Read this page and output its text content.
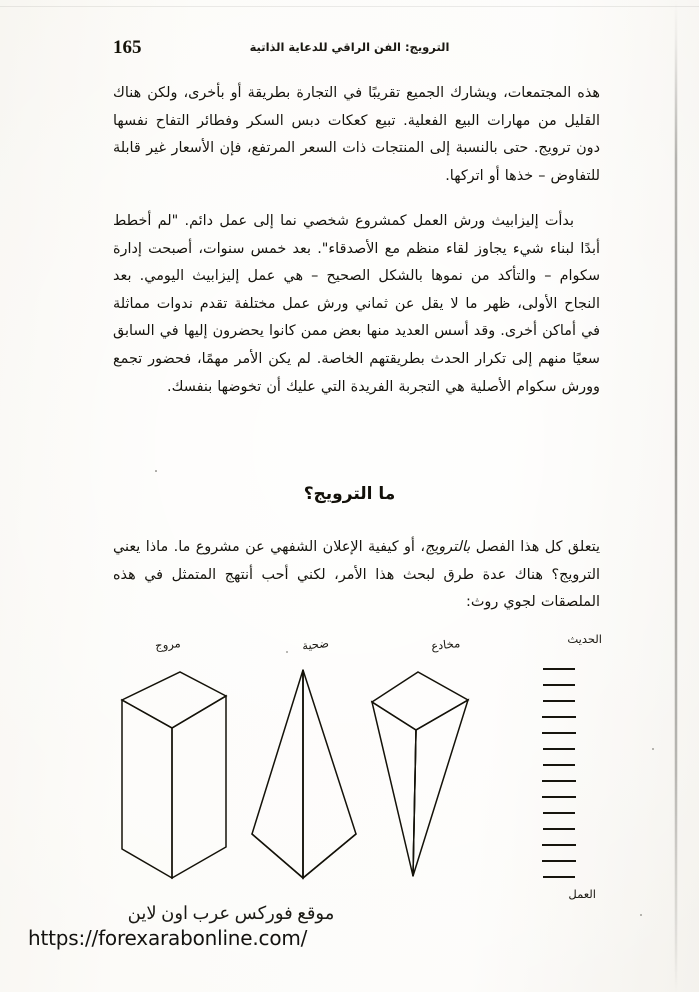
165	الترويج: الفن الراقي للدعاية الذاتية
هذه المجتمعات، ويشارك الجميع تقريبًا في التجارة بطريقة أو بأخرى، ولكن هناك القليل من مهارات البيع الفعلية. تبيع كعكات دبس السكر وفطائر التفاح نفسها دون ترويج. حتى بالنسبة إلى المنتجات ذات السعر المرتفع، فإن الأسعار غير قابلة للتفاوض – خذها أو اتركها.
بدأت إليزابيث ورش العمل كمشروع شخصي نما إلى عمل دائم. "لم أخطط أبدًا لبناء شيء يجاوز لقاء منظم مع الأصدقاء". بعد خمس سنوات، أصبحت إدارة سكوام – والتأكد من نموها بالشكل الصحيح – هي عمل إليزابيث اليومي. بعد النجاح الأولى، ظهر ما لا يقل عن ثماني ورش عمل مختلفة تقدم ندوات مماثلة في أماكن أخرى. وقد أسس العديد منها بعض ممن كانوا يحضرون إليها في السابق سعيًا منهم إلى تكرار الحدث بطريقتهم الخاصة. لم يكن الأمر مهمًا، فحضور تجمع وورش سكوام الأصلية هي التجربة الفريدة التي عليك أن تخوضها بنفسك.
ما الترويج؟
يتعلق كل هذا الفصل بالترويج، أو كيفية الإعلان الشفهي عن مشروع ما. ماذا يعني الترويج؟ هناك عدة طرق لبحث هذا الأمر، لكني أحب أنتهج المتمثل في هذه الملصقات لجوي روث:
مروج	ضحية	مخادع	الحديث
العمل
موقع فوركس عرب اون لاين
https://forexarabonline.com/
